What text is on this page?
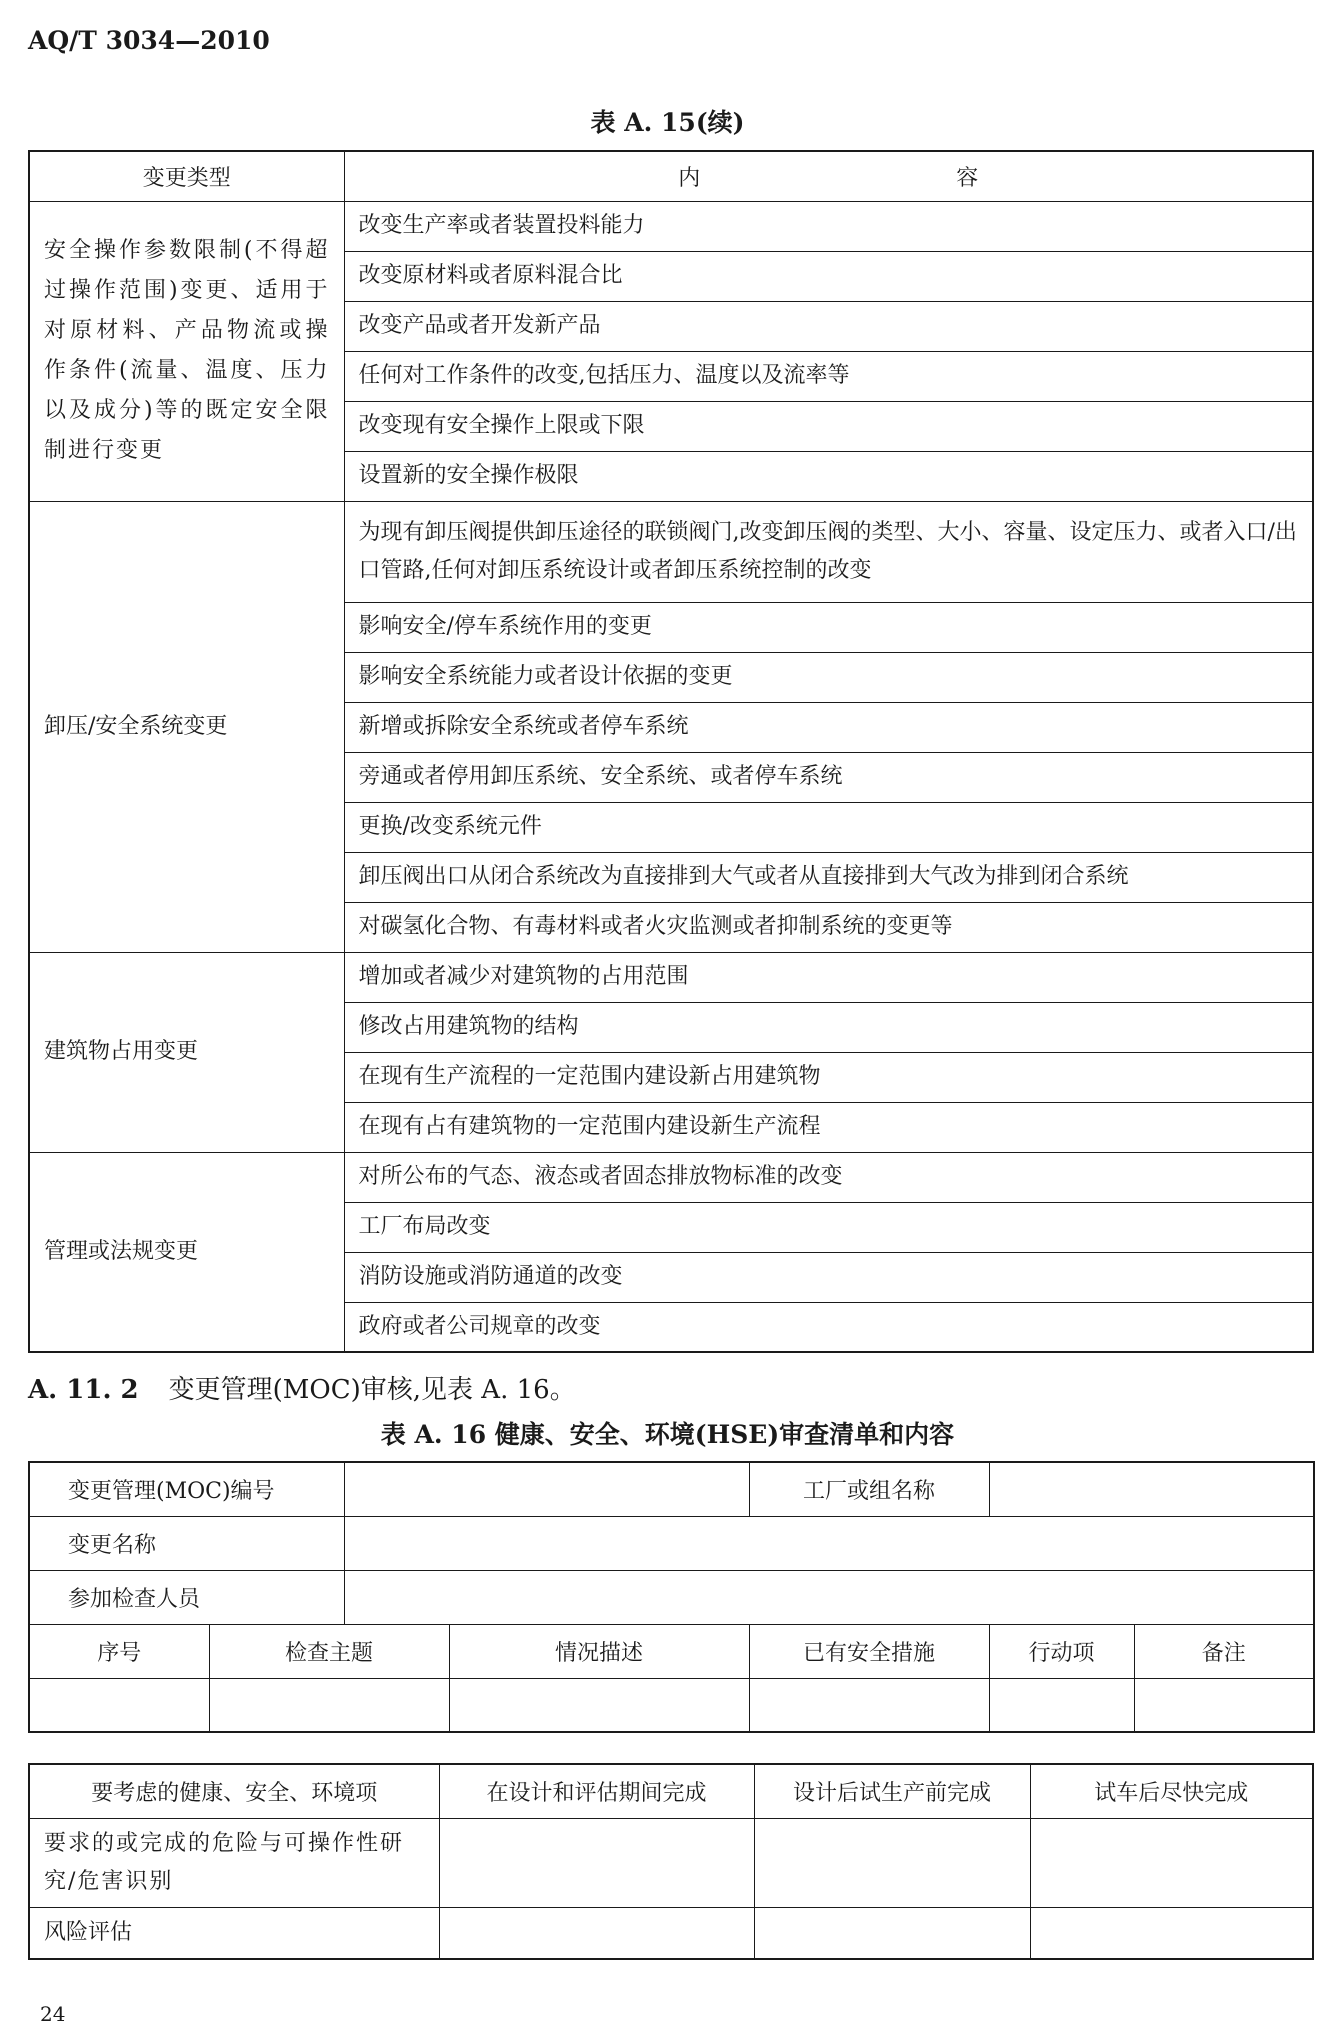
AQ/T 3034—2010
表 A. 15(续)
变更类型	内 容
安全操作参数限制(不得超过操作范围)变更、适用于对原材料、产品物流或操作条件(流量、温度、压力以及成分)等的既定安全限制进行变更	改变生产率或者装置投料能力
	改变原材料或者原料混合比
	改变产品或者开发新产品
	任何对工作条件的改变,包括压力、温度以及流率等
	改变现有安全操作上限或下限
	设置新的安全操作极限
卸压/安全系统变更	为现有卸压阀提供卸压途径的联锁阀门,改变卸压阀的类型、大小、容量、设定压力、或者入口/出口管路,任何对卸压系统设计或者卸压系统控制的改变
	影响安全/停车系统作用的变更
	影响安全系统能力或者设计依据的变更
	新增或拆除安全系统或者停车系统
	旁通或者停用卸压系统、安全系统、或者停车系统
	更换/改变系统元件
	卸压阀出口从闭合系统改为直接排到大气或者从直接排到大气改为排到闭合系统
	对碳氢化合物、有毒材料或者火灾监测或者抑制系统的变更等
建筑物占用变更	增加或者减少对建筑物的占用范围
	修改占用建筑物的结构
	在现有生产流程的一定范围内建设新占用建筑物
	在现有占有建筑物的一定范围内建设新生产流程
管理或法规变更	对所公布的气态、液态或者固态排放物标准的改变
	工厂布局改变
	消防设施或消防通道的改变
	政府或者公司规章的改变
A. 11. 2 变更管理(MOC)审核,见表 A. 16。
表 A. 16 健康、安全、环境(HSE)审查清单和内容
变更管理(MOC)编号				工厂或组名称		
变更名称						
参加检查人员						
序号	检查主题		情况描述	已有安全措施	行动项	备注

要考虑的健康、安全、环境项	在设计和评估期间完成	设计后试生产前完成	试车后尽快完成
要求的或完成的危险与可操作性研究/危害识别			
风险评估			
24
